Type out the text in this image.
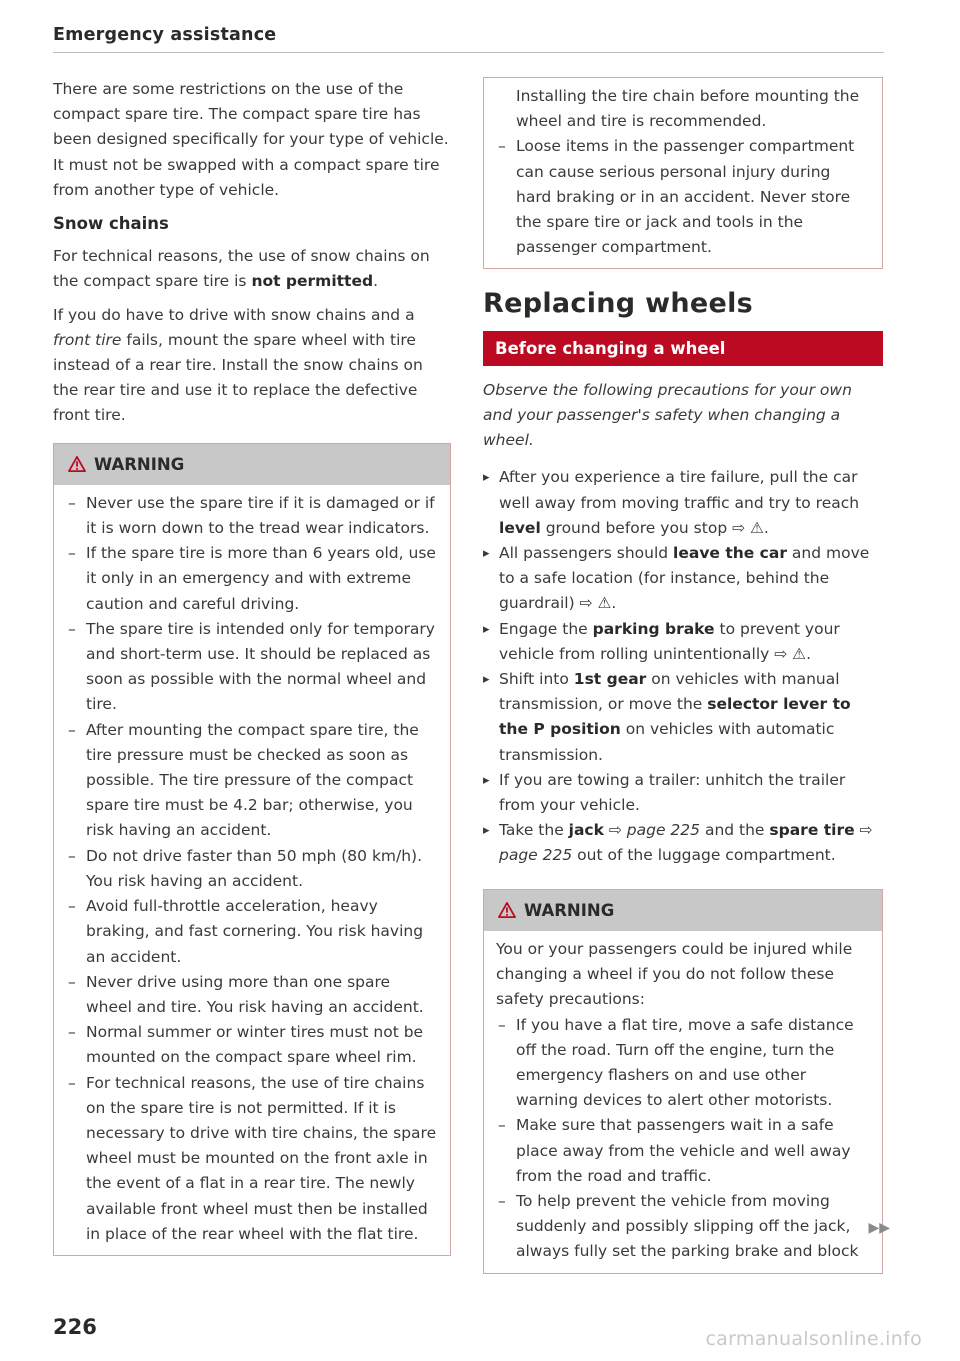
Emergency assistance

There are some restrictions on the use of the compact spare tire. The compact spare tire has been designed specifically for your type of vehicle. It must not be swapped with a compact spare tire from another type of vehicle.

Snow chains

For technical reasons, the use of snow chains on the compact spare tire is not permitted.

If you do have to drive with snow chains and a front tire fails, mount the spare wheel with tire instead of a rear tire. Install the snow chains on the rear tire and use it to replace the defective front tire.

WARNING
– Never use the spare tire if it is damaged or if it is worn down to the tread wear indicators.
– If the spare tire is more than 6 years old, use it only in an emergency and with extreme caution and careful driving.
– The spare tire is intended only for temporary and short-term use. It should be replaced as soon as possible with the normal wheel and tire.
– After mounting the compact spare tire, the tire pressure must be checked as soon as possible. The tire pressure of the compact spare tire must be 4.2 bar; otherwise, you risk having an accident.
– Do not drive faster than 50 mph (80 km/h). You risk having an accident.
– Avoid full-throttle acceleration, heavy braking, and fast cornering. You risk having an accident.
– Never drive using more than one spare wheel and tire. You risk having an accident.
– Normal summer or winter tires must not be mounted on the compact spare wheel rim.
– For technical reasons, the use of tire chains on the spare tire is not permitted. If it is necessary to drive with tire chains, the spare wheel must be mounted on the front axle in the event of a flat in a rear tire. The newly available front wheel must then be installed in place of the rear wheel with the flat tire.
Installing the tire chain before mounting the wheel and tire is recommended.
– Loose items in the passenger compartment can cause serious personal injury during hard braking or in an accident. Never store the spare tire or jack and tools in the passenger compartment.
Replacing wheels
Before changing a wheel
Observe the following precautions for your own and your passenger's safety when changing a wheel.
▸ After you experience a tire failure, pull the car well away from moving traffic and try to reach level ground before you stop ⇨ ⚠.
▸ All passengers should leave the car and move to a safe location (for instance, behind the guardrail) ⇨ ⚠.
▸ Engage the parking brake to prevent your vehicle from rolling unintentionally ⇨ ⚠.
▸ Shift into 1st gear on vehicles with manual transmission, or move the selector lever to the P position on vehicles with automatic transmission.
▸ If you are towing a trailer: unhitch the trailer from your vehicle.
▸ Take the jack ⇨ page 225 and the spare tire ⇨ page 225 out of the luggage compartment.
WARNING
You or your passengers could be injured while changing a wheel if you do not follow these safety precautions:
– If you have a flat tire, move a safe distance off the road. Turn off the engine, turn the emergency flashers on and use other warning devices to alert other motorists.
– Make sure that passengers wait in a safe place away from the vehicle and well away from the road and traffic.
– To help prevent the vehicle from moving suddenly and possibly slipping off the jack, always fully set the parking brake and block
▶▶
226	carmanualsonline.info
